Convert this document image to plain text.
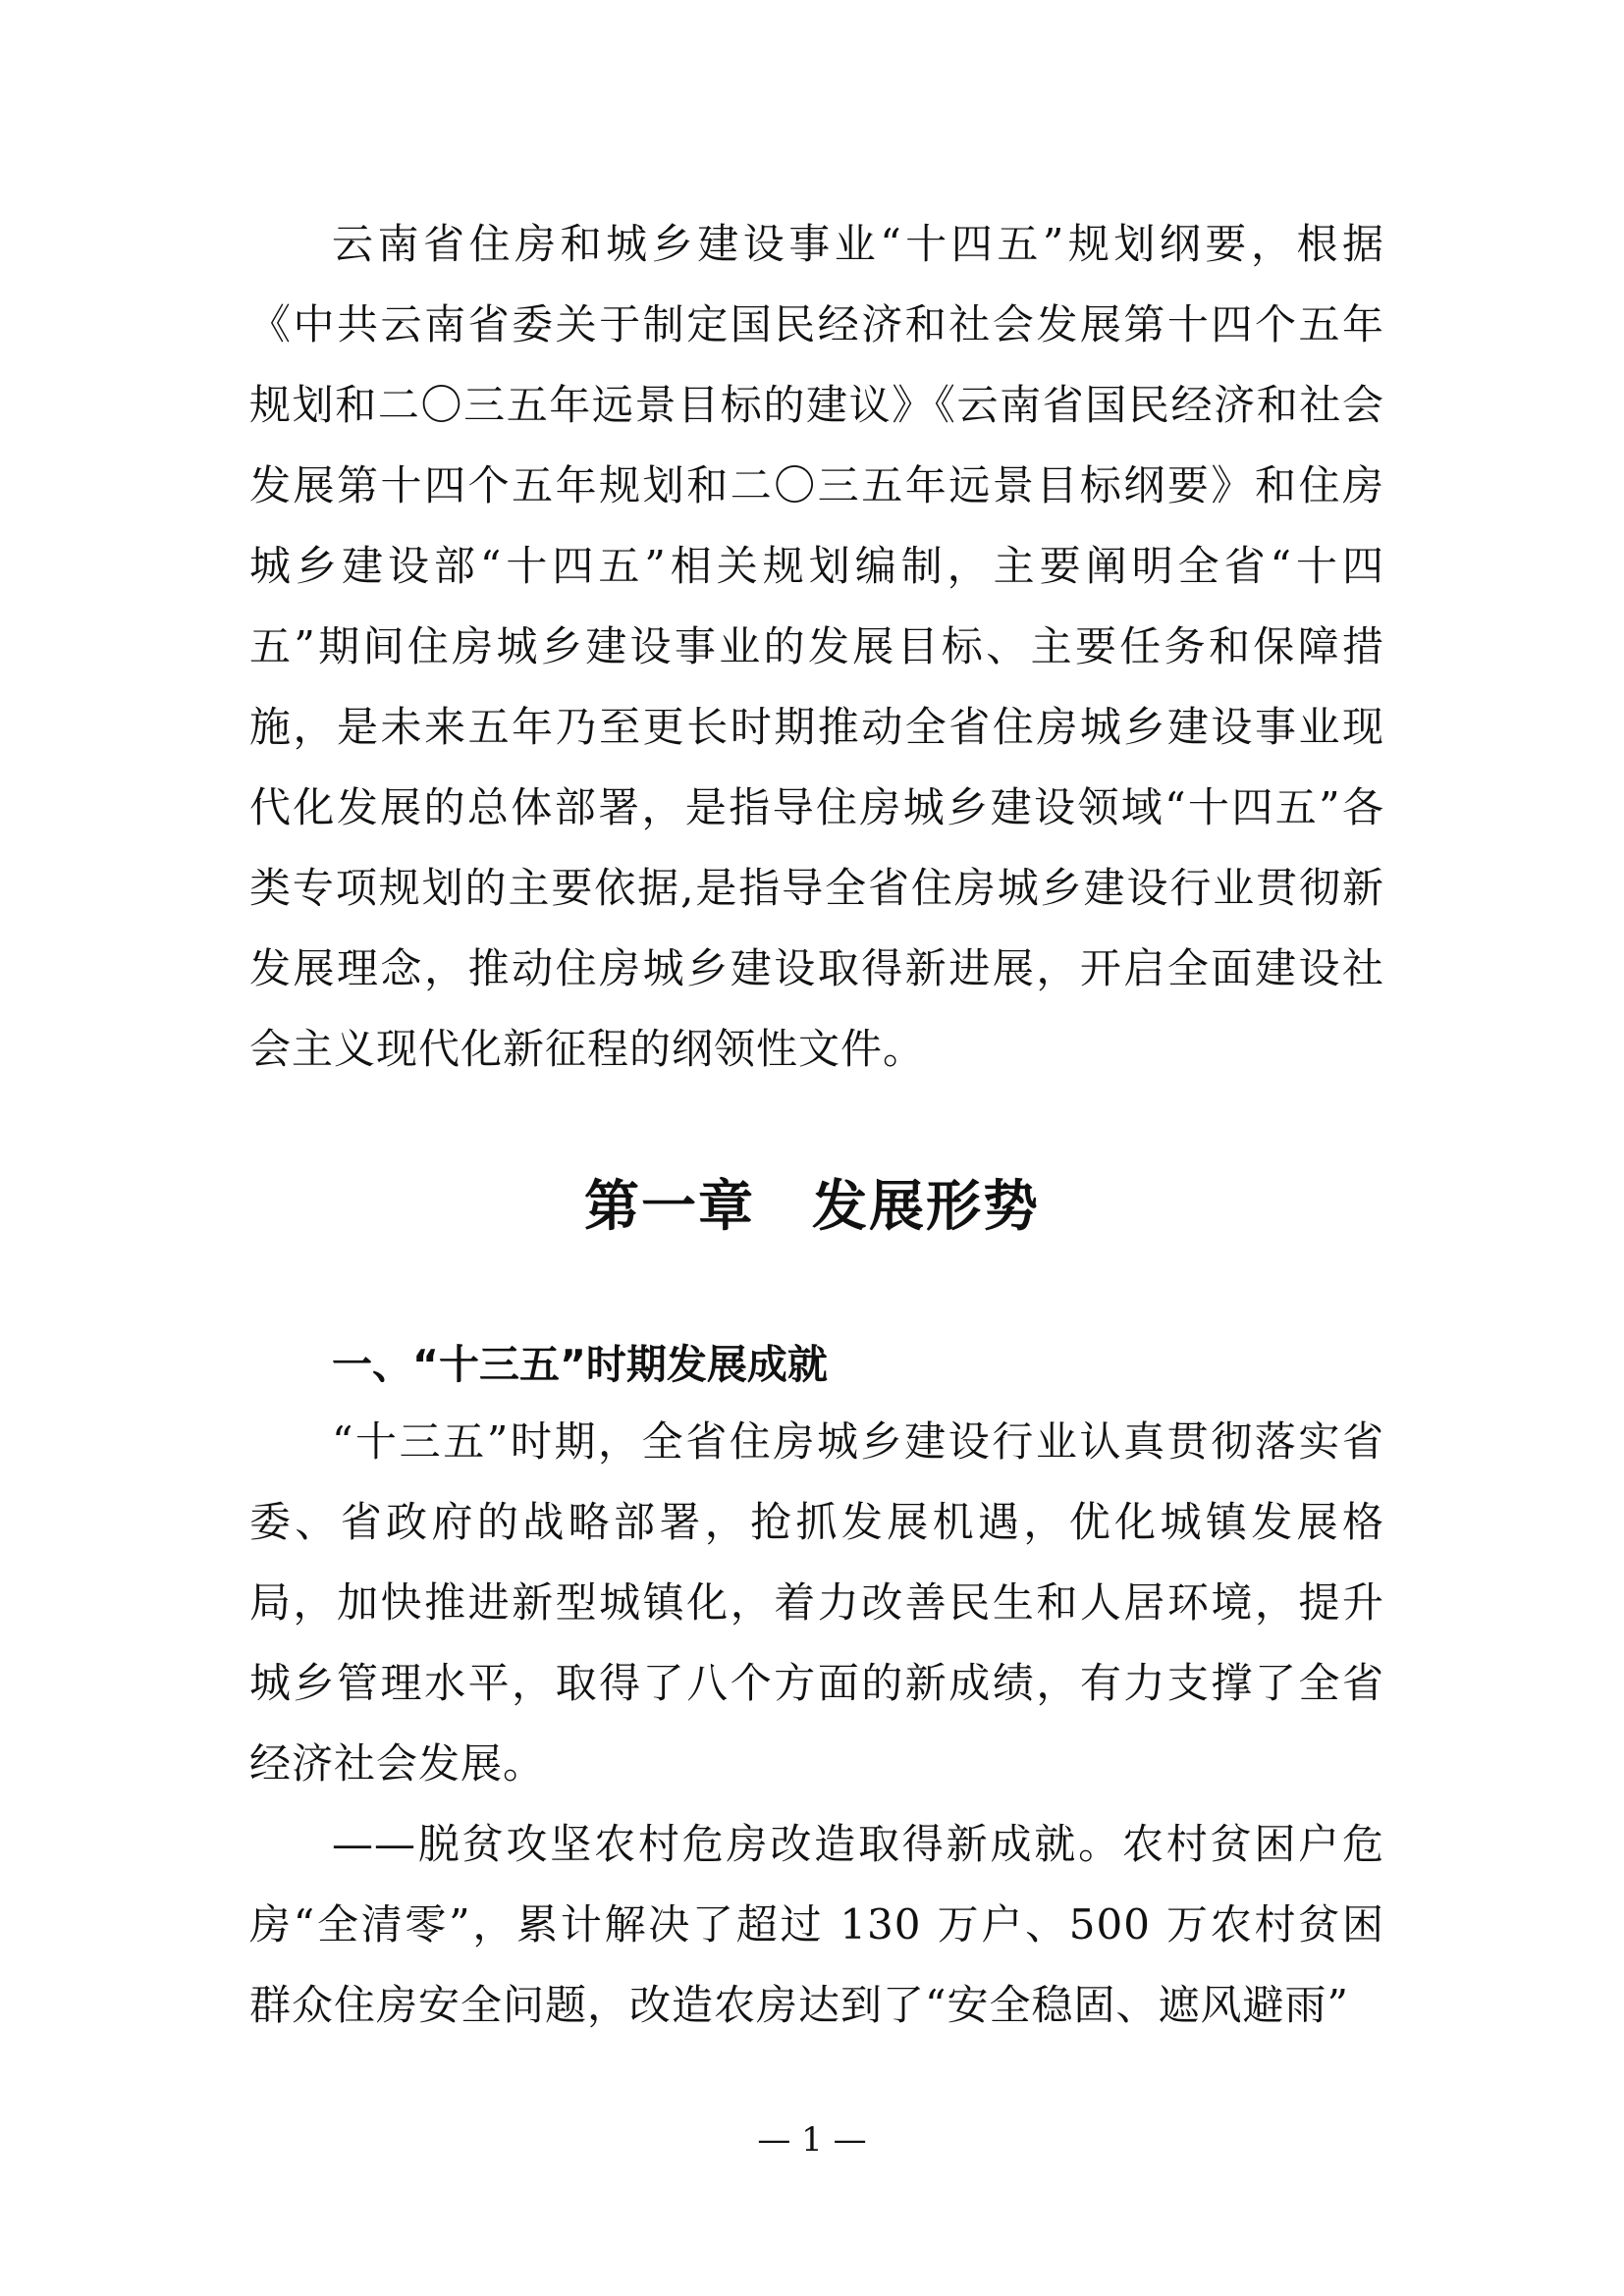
云南省住房和城乡建设事业“十四五”规划纲要，根据《中共云南省委关于制定国民经济和社会发展第十四个五年规划和二〇三五年远景目标的建议》《云南省国民经济和社会发展第十四个五年规划和二〇三五年远景目标纲要》和住房城乡建设部“十四五”相关规划编制，主要阐明全省“十四五”期间住房城乡建设事业的发展目标、主要任务和保障措施，是未来五年乃至更长时期推动全省住房城乡建设事业现代化发展的总体部署，是指导住房城乡建设领域“十四五”各类专项规划的主要依据,是指导全省住房城乡建设行业贯彻新发展理念，推动住房城乡建设取得新进展，开启全面建设社会主义现代化新征程的纲领性文件。

第一章　发展形势
一、“十三五”时期发展成就

“十三五”时期，全省住房城乡建设行业认真贯彻落实省委、省政府的战略部署，抢抓发展机遇，优化城镇发展格局，加快推进新型城镇化，着力改善民生和人居环境，提升城乡管理水平，取得了八个方面的新成绩，有力支撑了全省经济社会发展。

——脱贫攻坚农村危房改造取得新成就。农村贫困户危房“全清零”，累计解决了超过 130 万户、500 万农村贫困群众住房安全问题，改造农房达到了“安全稳固、遮风避雨”

— 1 —
